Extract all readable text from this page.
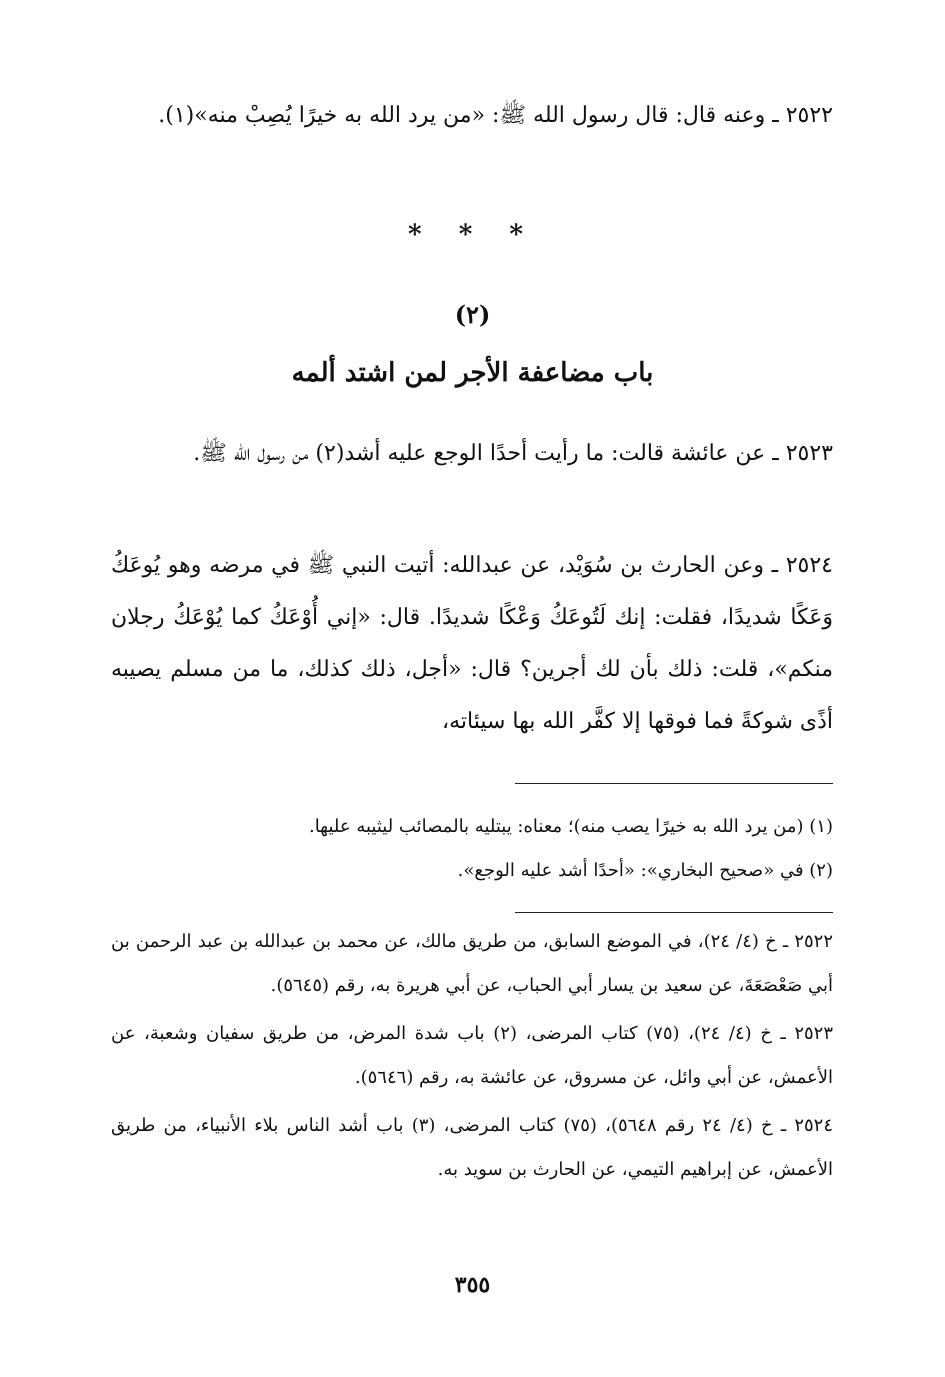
٢٥٢٢ ـ وعنه قال: قال رسول الله ﷺ: «من يرد الله به خيرًا يُصِبْ منه»(١).
* * *
(٢)
باب مضاعفة الأجر لمن اشتد ألمه
٢٥٢٣ ـ عن عائشة قالت: ما رأيت أحدًا الوجع عليه أشد(٢) من رسول الله ﷺ.
٢٥٢٤ ـ وعن الحارث بن سُوَيْد، عن عبدالله: أتيت النبي ﷺ في مرضه وهو يُوعَكُ وَعَكًا شديدًا، فقلت: إنك لَتُوعَكُ وَعْكًا شديدًا. قال: «إني أُوْعَكُ كما يُوْعَكُ رجلان منكم»، قلت: ذلك بأن لك أجرين؟ قال: «أجل، ذلك كذلك، ما من مسلم يصيبه أذًى شوكةً فما فوقها إلا كفَّر الله بها سيئاته،
(١) (من يرد الله به خيرًا يصب منه)؛ معناه: يبتليه بالمصائب ليثيبه عليها.
(٢) في «صحيح البخاري»: «أحدًا أشد عليه الوجع».
٢٥٢٢ ـ خ (٤/ ٢٤)، في الموضع السابق، من طريق مالك، عن محمد بن عبدالله بن عبد الرحمن بن أبي صَعْصَعَةَ، عن سعيد بن يسار أبي الحباب، عن أبي هريرة به، رقم (٥٦٤٥).
٢٥٢٣ ـ خ (٤/ ٢٤)، (٧٥) كتاب المرضى، (٢) باب شدة المرض، من طريق سفيان وشعبة، عن الأعمش، عن أبي وائل، عن مسروق، عن عائشة به، رقم (٥٦٤٦).
٢٥٢٤ ـ خ (٤/ ٢٤ رقم ٥٦٤٨)، (٧٥) كتاب المرضى، (٣) باب أشد الناس بلاء الأنبياء، من طريق الأعمش، عن إبراهيم التيمي، عن الحارث بن سويد به.
٣٥٥
